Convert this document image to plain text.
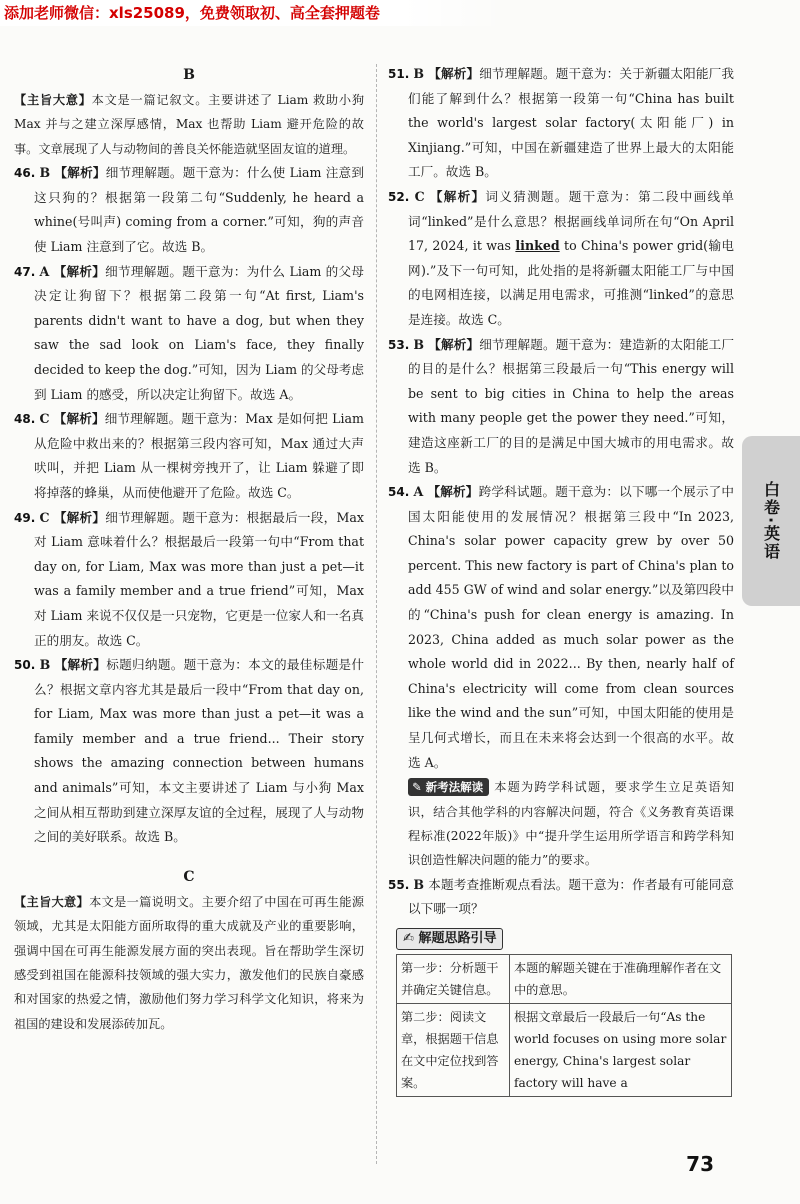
添加老师微信：xls25089，免费领取初、高全套押题卷
B

【主旨大意】本文是一篇记叙文。主要讲述了 Liam 救助小狗 Max 并与之建立深厚感情，Max 也帮助 Liam 避开危险的故事。文章展现了人与动物间的善良关怀能造就坚固友谊的道理。

46. B 【解析】细节理解题。题干意为：什么使 Liam 注意到这只狗的？根据第一段第二句“Suddenly, he heard a whine(号叫声) coming from a corner.”可知，狗的声音使 Liam 注意到了它。故选 B。

47. A 【解析】细节理解题。题干意为：为什么 Liam 的父母决定让狗留下？根据第二段第一句“At first, Liam's parents didn't want to have a dog, but when they saw the sad look on Liam's face, they finally decided to keep the dog.”可知，因为 Liam 的父母考虑到 Liam 的感受，所以决定让狗留下。故选 A。

48. C 【解析】细节理解题。题干意为：Max 是如何把 Liam 从危险中救出来的？根据第三段内容可知，Max 通过大声吠叫，并把 Liam 从一棵树旁拽开了，让 Liam 躲避了即将掉落的蜂巢，从而使他避开了危险。故选 C。

49. C 【解析】细节理解题。题干意为：根据最后一段，Max 对 Liam 意味着什么？根据最后一段第一句中“From that day on, for Liam, Max was more than just a pet—it was a family member and a true friend”可知，Max 对 Liam 来说不仅仅是一只宠物，它更是一位家人和一名真正的朋友。故选 C。

50. B 【解析】标题归纳题。题干意为：本文的最佳标题是什么？根据文章内容尤其是最后一段中“From that day on, for Liam, Max was more than just a pet—it was a family member and a true friend... Their story shows the amazing connection between humans and animals”可知，本文主要讲述了 Liam 与小狗 Max 之间从相互帮助到建立深厚友谊的全过程，展现了人与动物之间的美好联系。故选 B。

C

【主旨大意】本文是一篇说明文。主要介绍了中国在可再生能源领域，尤其是太阳能方面所取得的重大成就及产业的重要影响，强调中国在可再生能源发展方面的突出表现。旨在帮助学生深切感受到祖国在能源科技领域的强大实力，激发他们的民族自豪感和对国家的热爱之情，激励他们努力学习科学文化知识，将来为祖国的建设和发展添砖加瓦。

51. B 【解析】细节理解题。题干意为：关于新疆太阳能厂我们能了解到什么？根据第一段第一句“China has built the world's largest solar factory(太阳能厂) in Xinjiang.”可知，中国在新疆建造了世界上最大的太阳能工厂。故选 B。

52. C 【解析】词义猜测题。题干意为：第二段中画线单词“linked”是什么意思？根据画线单词所在句“On April 17, 2024, it was linked to China's power grid(输电网).”及下一句可知，此处指的是将新疆太阳能工厂与中国的电网相连接，以满足用电需求，可推测“linked”的意思是连接。故选 C。

53. B 【解析】细节理解题。题干意为：建造新的太阳能工厂的目的是什么？根据第三段最后一句“This energy will be sent to big cities in China to help the areas with many people get the power they need.”可知，建造这座新工厂的目的是满足中国大城市的用电需求。故选 B。

54. A 【解析】跨学科试题。题干意为：以下哪一个展示了中国太阳能使用的发展情况？根据第三段中“In 2023, China's solar power capacity grew by over 50 percent. This new factory is part of China's plan to add 455 GW of wind and solar energy.”以及第四段中的“China's push for clean energy is amazing. In 2023, China added as much solar power as the whole world did in 2022... By then, nearly half of China's electricity will come from clean sources like the wind and the sun”可知，中国太阳能的使用是呈几何式增长，而且在未来将会达到一个很高的水平。故选 A。

✎ 新考法解读 本题为跨学科试题，要求学生立足英语知识，结合其他学科的内容解决问题，符合《义务教育英语课程标准(2022年版)》中“提升学生运用所学语言和跨学科知识创造性解决问题的能力”的要求。

55. B 本题考查推断观点看法。题干意为：作者最有可能同意以下哪一项？

✍ 解题思路引导
第一步：分析题干并确定关键信息。	本题的解题关键在于准确理解作者在文中的意思。
第二步：阅读文章，根据题干信息在文中定位找到答案。	根据文章最后一段最后一句“As the world focuses on using more solar energy, China's largest solar factory will have a
白卷·英语
73
